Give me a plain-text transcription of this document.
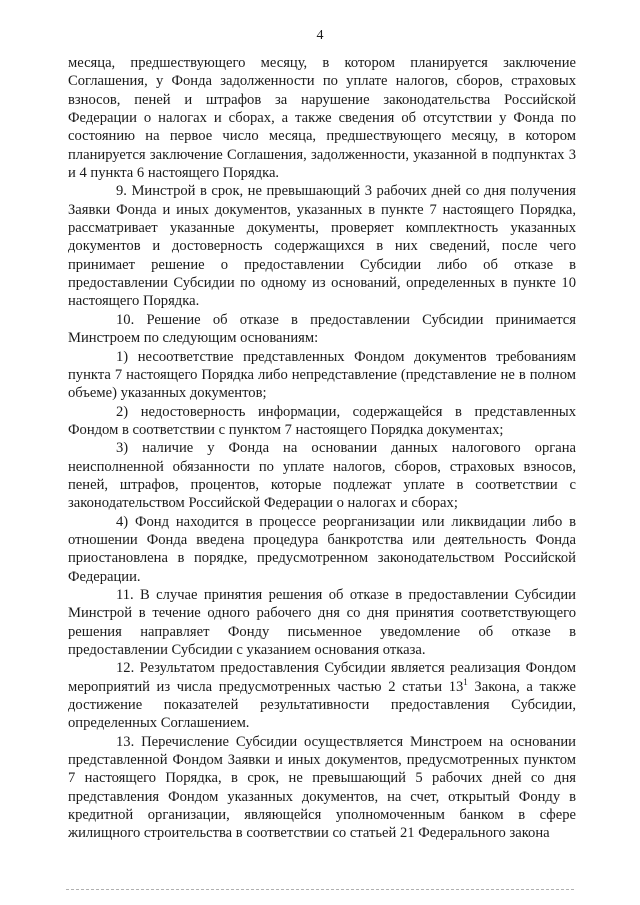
4

месяца, предшествующего месяцу, в котором планируется заключение Соглашения, у Фонда задолженности по уплате налогов, сборов, страховых взносов, пеней и штрафов за нарушение законодательства Российской Федерации о налогах и сборах, а также сведения об отсутствии у Фонда по состоянию на первое число месяца, предшествующего месяцу, в котором планируется заключение Соглашения, задолженности, указанной в подпунктах 3 и 4 пункта 6 настоящего Порядка.

9. Минстрой в срок, не превышающий 3 рабочих дней со дня получения Заявки Фонда и иных документов, указанных в пункте 7 настоящего Порядка, рассматривает указанные документы, проверяет комплектность указанных документов и достоверность содержащихся в них сведений, после чего принимает решение о предоставлении Субсидии либо об отказе в предоставлении Субсидии по одному из оснований, определенных в пункте 10 настоящего Порядка.

10. Решение об отказе в предоставлении Субсидии принимается Минстроем по следующим основаниям:

1) несоответствие представленных Фондом документов требованиям пункта 7 настоящего Порядка либо непредставление (представление не в полном объеме) указанных документов;

2) недостоверность информации, содержащейся в представленных Фондом в соответствии с пунктом 7 настоящего Порядка документах;

3) наличие у Фонда на основании данных налогового органа неисполненной обязанности по уплате налогов, сборов, страховых взносов, пеней, штрафов, процентов, которые подлежат уплате в соответствии с законодательством Российской Федерации о налогах и сборах;

4) Фонд находится в процессе реорганизации или ликвидации либо в отношении Фонда введена процедура банкротства или деятельность Фонда приостановлена в порядке, предусмотренном законодательством Российской Федерации.

11. В случае принятия решения об отказе в предоставлении Субсидии Минстрой в течение одного рабочего дня со дня принятия соответствующего решения направляет Фонду письменное уведомление об отказе в предоставлении Субсидии с указанием основания отказа.

12. Результатом предоставления Субсидии является реализация Фондом мероприятий из числа предусмотренных частью 2 статьи $13^1$ Закона, а также достижение показателей результативности предоставления Субсидии, определенных Соглашением.

13. Перечисление Субсидии осуществляется Минстроем на основании представленной Фондом Заявки и иных документов, предусмотренных пунктом 7 настоящего Порядка, в срок, не превышающий 5 рабочих дней со дня представления Фондом указанных документов, на счет, открытый Фонду в кредитной организации, являющейся уполномоченным банком в сфере жилищного строительства в соответствии со статьей 21 Федерального закона
